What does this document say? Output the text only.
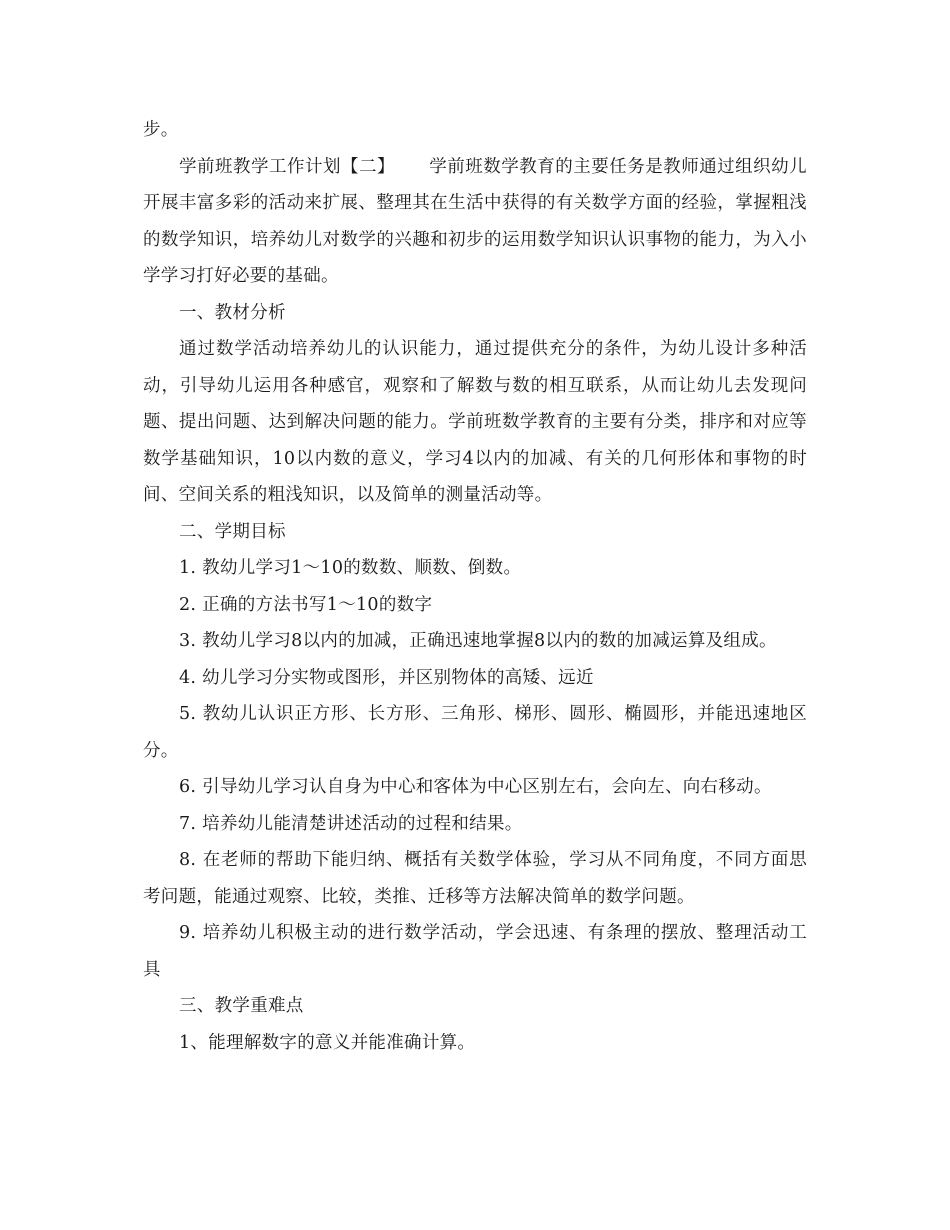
步。

学前班教学工作计划【二】 学前班数学教育的主要任务是教师通过组织幼儿开展丰富多彩的活动来扩展、整理其在生活中获得的有关数学方面的经验，掌握粗浅的数学知识，培养幼儿对数学的兴趣和初步的运用数学知识认识事物的能力，为入小学学习打好必要的基础。

一、教材分析

通过数学活动培养幼儿的认识能力，通过提供充分的条件，为幼儿设计多种活动，引导幼儿运用各种感官，观察和了解数与数的相互联系，从而让幼儿去发现问题、提出问题、达到解决问题的能力。学前班数学教育的主要有分类，排序和对应等数学基础知识，10以内数的意义，学习4以内的加减、有关的几何形体和事物的时间、空间关系的粗浅知识，以及简单的测量活动等。

二、学期目标

1. 教幼儿学习1～10的数数、顺数、倒数。

2. 正确的方法书写1～10的数字

3. 教幼儿学习8以内的加减，正确迅速地掌握8以内的数的加减运算及组成。

4. 幼儿学习分实物或图形，并区别物体的高矮、远近

5. 教幼儿认识正方形、长方形、三角形、梯形、圆形、椭圆形，并能迅速地区分。

6. 引导幼儿学习认自身为中心和客体为中心区别左右，会向左、向右移动。

7. 培养幼儿能清楚讲述活动的过程和结果。

8. 在老师的帮助下能归纳、概括有关数学体验，学习从不同角度，不同方面思考问题，能通过观察、比较，类推、迁移等方法解决简单的数学问题。

9. 培养幼儿积极主动的进行数学活动，学会迅速、有条理的摆放、整理活动工具

三、教学重难点

1、能理解数字的意义并能准确计算。
